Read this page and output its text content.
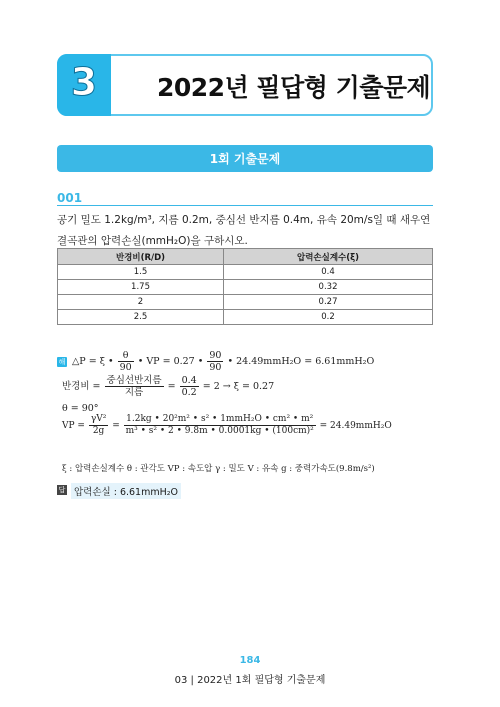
3	2022년 필답형 기출문제
1회 기출문제
001
공기 밀도 1.2kg/m³, 지름 0.2m, 중심선 반지름 0.4m, 유속 20m/s일 때 새우연결곡관의 압력손실(mmH₂O)을 구하시오.
반경비(R/D)	압력손실계수(ξ)
1.5	0.4
1.75	0.32
2	0.27
2.5	0.2
해 △P = ξ • $\frac{\theta}{90}$ • VP = 0.27 • $\frac{90}{90}$ • 24.49mmH₂O = 6.61mmH₂O
반경비 = $\frac{\text{중심선반지름}}{\text{지름}} = \frac{0.4}{0.2} = 2 \to \xi = 0.27$
θ = 90°
VP = $\frac{\text{γV²}}{2g} = \frac{\text{1.2kg • 20²m² • s² • 1mmH₂O • cm² • m²}}{\text{m³ • s² • 2 • 9.8m • 0.0001kg • (100cm)²}} = 24.49mmH_2O$
ξ : 압력손실계수 θ : 관각도 VP : 속도압 γ : 밀도 V : 유속 g : 중력가속도(9.8m/s²)
답 압력손실 : 6.61mmH₂O
184
03 | 2022년 1회 필답형 기출문제
